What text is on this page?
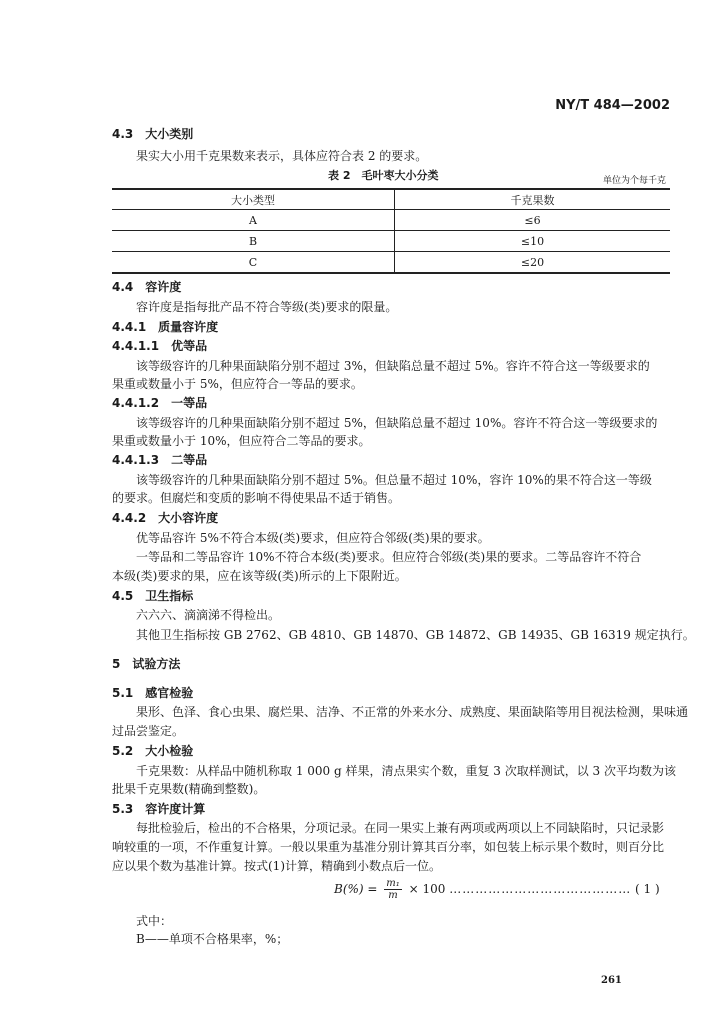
NY/T 484—2002
4.3　大小类别
果实大小用千克果数来表示，具体应符合表 2 的要求。
表 2　毛叶枣大小分类	单位为个每千克
大小类型	千克果数
A	≤6
B	≤10
C	≤20
4.4　容许度
容许度是指每批产品不符合等级(类)要求的限量。
4.4.1　质量容许度
4.4.1.1　优等品
该等级容许的几种果面缺陷分别不超过 3%，但缺陷总量不超过 5%。容许不符合这一等级要求的
果重或数量小于 5%，但应符合一等品的要求。
4.4.1.2　一等品
该等级容许的几种果面缺陷分别不超过 5%，但缺陷总量不超过 10%。容许不符合这一等级要求的
果重或数量小于 10%，但应符合二等品的要求。
4.4.1.3　二等品
该等级容许的几种果面缺陷分别不超过 5%。但总量不超过 10%，容许 10%的果不符合这一等级
的要求。但腐烂和变质的影响不得使果品不适于销售。
4.4.2　大小容许度
优等品容许 5%不符合本级(类)要求，但应符合邻级(类)果的要求。
一等品和二等品容许 10%不符合本级(类)要求。但应符合邻级(类)果的要求。二等品容许不符合
本级(类)要求的果，应在该等级(类)所示的上下限附近。
4.5　卫生指标
六六六、滴滴涕不得检出。
其他卫生指标按 GB 2762、GB 4810、GB 14870、GB 14872、GB 14935、GB 16319 规定执行。
5　试验方法
5.1　感官检验
果形、色泽、食心虫果、腐烂果、洁净、不正常的外来水分、成熟度、果面缺陷等用目视法检测，果味通
过品尝鉴定。
5.2　大小检验
千克果数：从样品中随机称取 1 000 g 样果，清点果实个数，重复 3 次取样测试，以 3 次平均数为该
批果千克果数(精确到整数)。
5.3　容许度计算
每批检验后，检出的不合格果，分项记录。在同一果实上兼有两项或两项以上不同缺陷时，只记录影
响较重的一项，不作重复计算。一般以果重为基准分别计算其百分率，如包装上标示果个数时，则百分比
应以果个数为基准计算。按式(1)计算，精确到小数点后一位。
$B(\%) = \frac{\text{m₁}}{m} \times 100$ …………………………………… ( 1 )
式中：
B——单项不合格果率，%；
261
